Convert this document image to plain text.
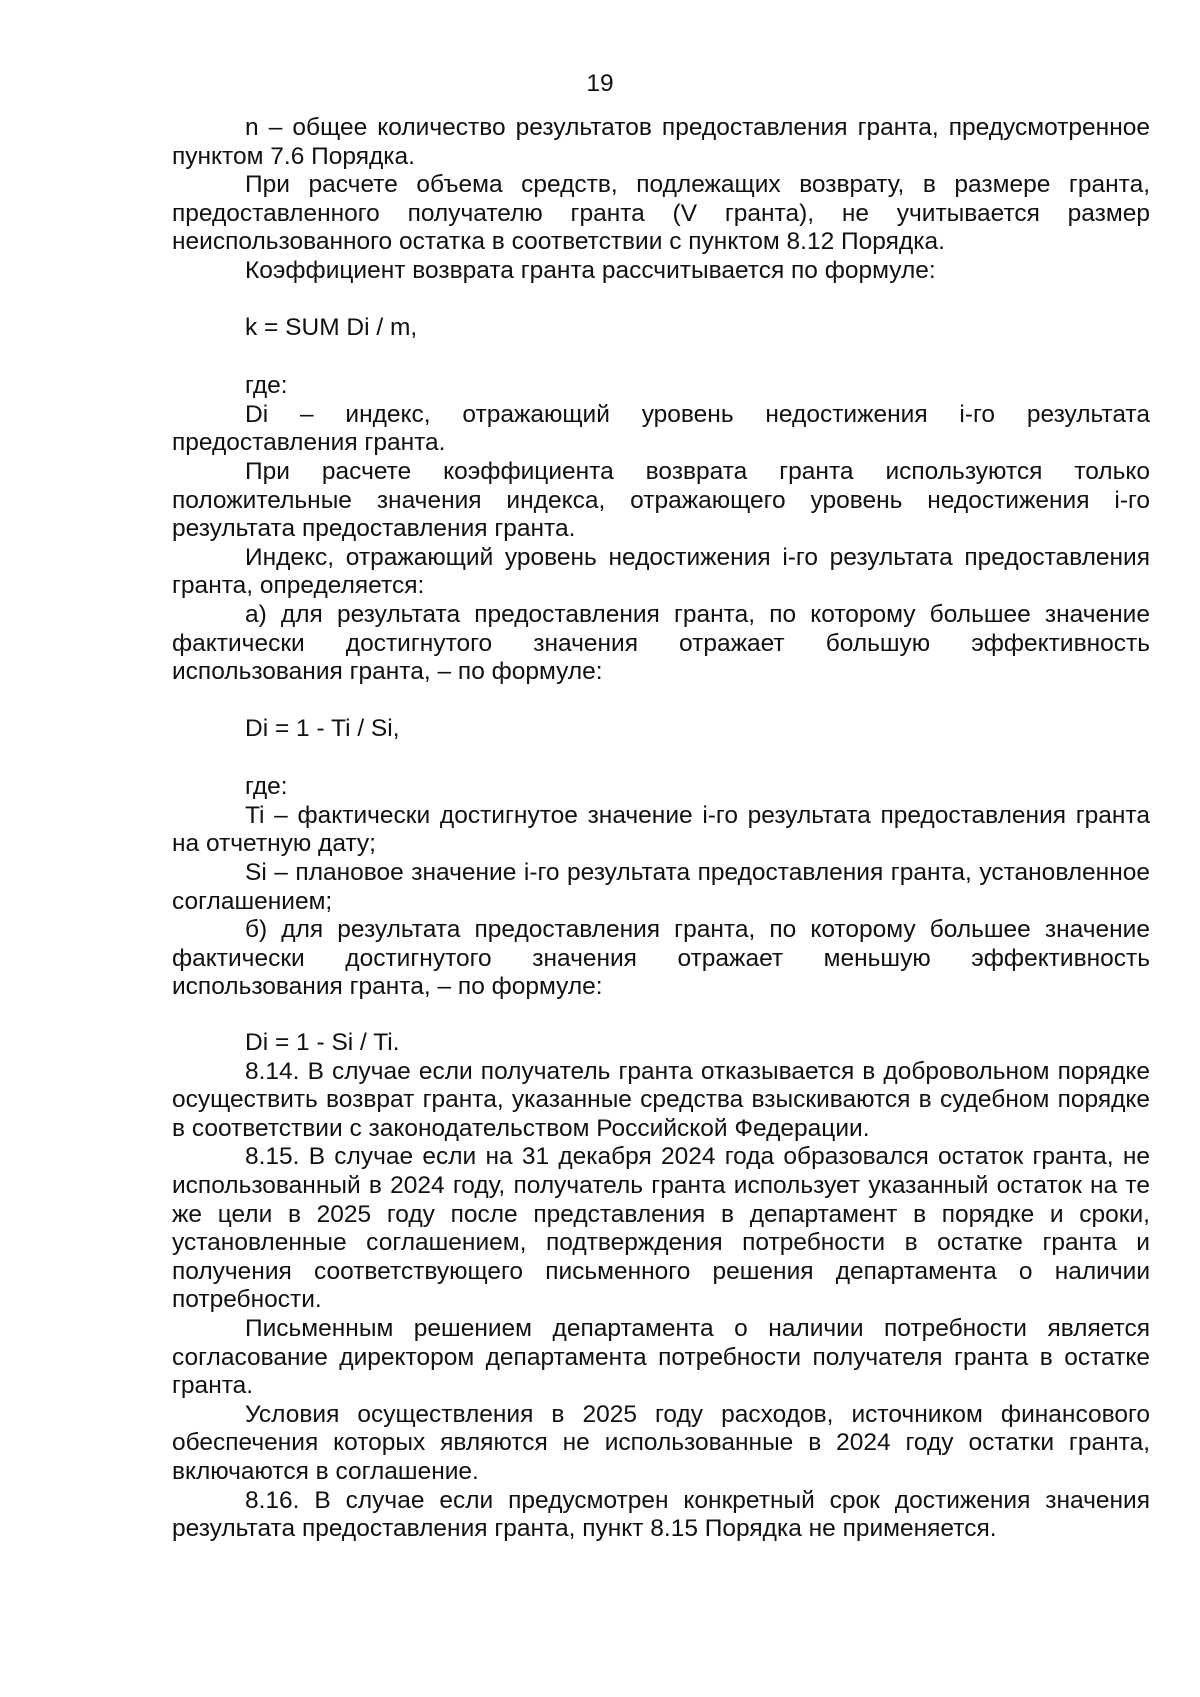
19

n – общее количество результатов предоставления гранта, предусмотренное пунктом 7.6 Порядка.

При расчете объема средств, подлежащих возврату, в размере гранта, предоставленного получателю гранта (V гранта), не учитывается размер неиспользованного остатка в соответствии с пунктом 8.12 Порядка.

Коэффициент возврата гранта рассчитывается по формуле:

k = SUM Di / m,

где:

Di – индекс, отражающий уровень недостижения i-го результата предоставления гранта.

При расчете коэффициента возврата гранта используются только положительные значения индекса, отражающего уровень недостижения i-го результата предоставления гранта.

Индекс, отражающий уровень недостижения i-го результата предоставления гранта, определяется:

а) для результата предоставления гранта, по которому большее значение фактически достигнутого значения отражает большую эффективность использования гранта, – по формуле:

Di = 1 - Ti / Si,

где:

Ti – фактически достигнутое значение i-го результата предоставления гранта на отчетную дату;

Si – плановое значение i-го результата предоставления гранта, установленное соглашением;

б) для результата предоставления гранта, по которому большее значение фактически достигнутого значения отражает меньшую эффективность использования гранта, – по формуле:

Di = 1 - Si / Ti.

8.14. В случае если получатель гранта отказывается в добровольном порядке осуществить возврат гранта, указанные средства взыскиваются в судебном порядке в соответствии с законодательством Российской Федерации.

8.15. В случае если на 31 декабря 2024 года образовался остаток гранта, не использованный в 2024 году, получатель гранта использует указанный остаток на те же цели в 2025 году после представления в департамент в порядке и сроки, установленные соглашением, подтверждения потребности в остатке гранта и получения соответствующего письменного решения департамента о наличии потребности.

Письменным решением департамента о наличии потребности является согласование директором департамента потребности получателя гранта в остатке гранта.

Условия осуществления в 2025 году расходов, источником финансового обеспечения которых являются не использованные в 2024 году остатки гранта, включаются в соглашение.

8.16. В случае если предусмотрен конкретный срок достижения значения результата предоставления гранта, пункт 8.15 Порядка не применяется.
